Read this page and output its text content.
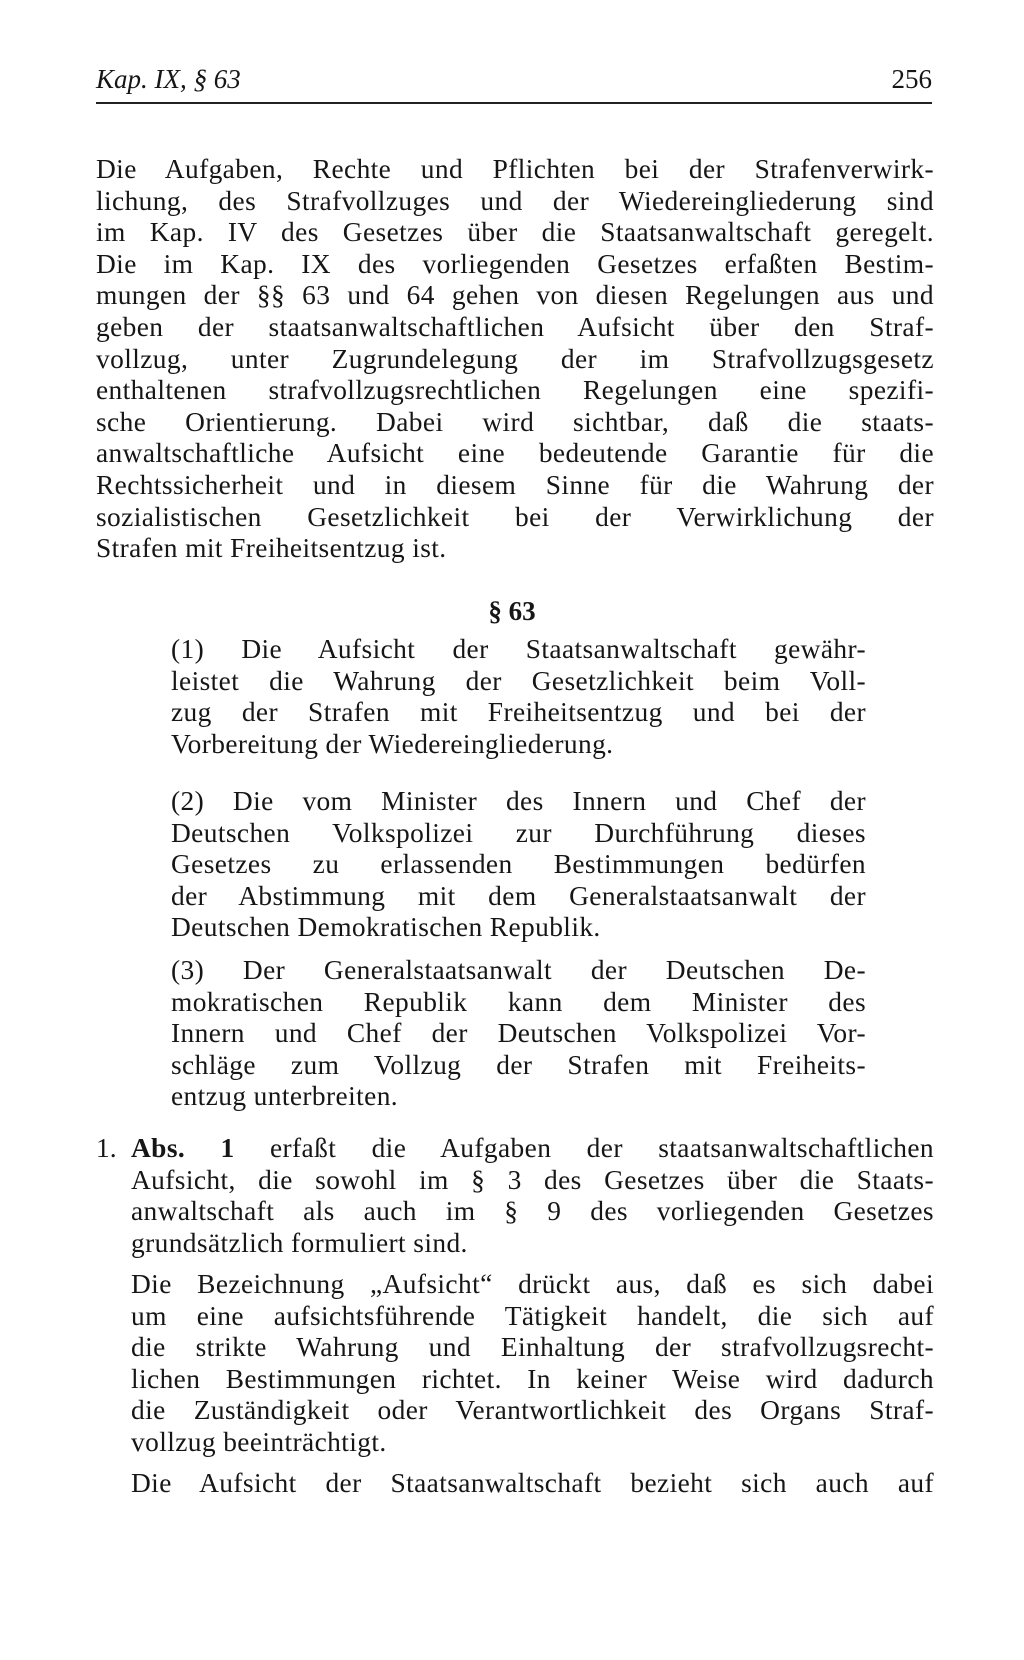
Kap. IX, § 63	256
Die Aufgaben, Rechte und Pflichten bei der Strafenverwirk-
lichung, des Strafvollzuges und der Wiedereingliederung sind
im Kap. IV des Gesetzes über die Staatsanwaltschaft geregelt.
Die im Kap. IX des vorliegenden Gesetzes erfaßten Bestim-
mungen der §§ 63 und 64 gehen von diesen Regelungen aus und
geben der staatsanwaltschaftlichen Aufsicht über den Straf-
vollzug, unter Zugrundelegung der im Strafvollzugsgesetz
enthaltenen strafvollzugsrechtlichen Regelungen eine spezifi-
sche Orientierung. Dabei wird sichtbar, daß die staats-
anwaltschaftliche Aufsicht eine bedeutende Garantie für die
Rechtssicherheit und in diesem Sinne für die Wahrung der
sozialistischen Gesetzlichkeit bei der Verwirklichung der
Strafen mit Freiheitsentzug ist.
§ 63
(1) Die Aufsicht der Staatsanwaltschaft gewähr-
leistet die Wahrung der Gesetzlichkeit beim Voll-
zug der Strafen mit Freiheitsentzug und bei der
Vorbereitung der Wiedereingliederung.
(2) Die vom Minister des Innern und Chef der
Deutschen Volkspolizei zur Durchführung dieses
Gesetzes zu erlassenden Bestimmungen bedürfen
der Abstimmung mit dem Generalstaatsanwalt der
Deutschen Demokratischen Republik.
(3) Der Generalstaatsanwalt der Deutschen De-
mokratischen Republik kann dem Minister des
Innern und Chef der Deutschen Volkspolizei Vor-
schläge zum Vollzug der Strafen mit Freiheits-
entzug unterbreiten.
1. Abs. 1 erfaßt die Aufgaben der staatsanwaltschaftlichen
Aufsicht, die sowohl im § 3 des Gesetzes über die Staats-
anwaltschaft als auch im § 9 des vorliegenden Gesetzes
grundsätzlich formuliert sind.
Die Bezeichnung „Aufsicht“ drückt aus, daß es sich dabei
um eine aufsichtsführende Tätigkeit handelt, die sich auf
die strikte Wahrung und Einhaltung der strafvollzugsrecht-
lichen Bestimmungen richtet. In keiner Weise wird dadurch
die Zuständigkeit oder Verantwortlichkeit des Organs Straf-
vollzug beeinträchtigt.
Die Aufsicht der Staatsanwaltschaft bezieht sich auch auf
